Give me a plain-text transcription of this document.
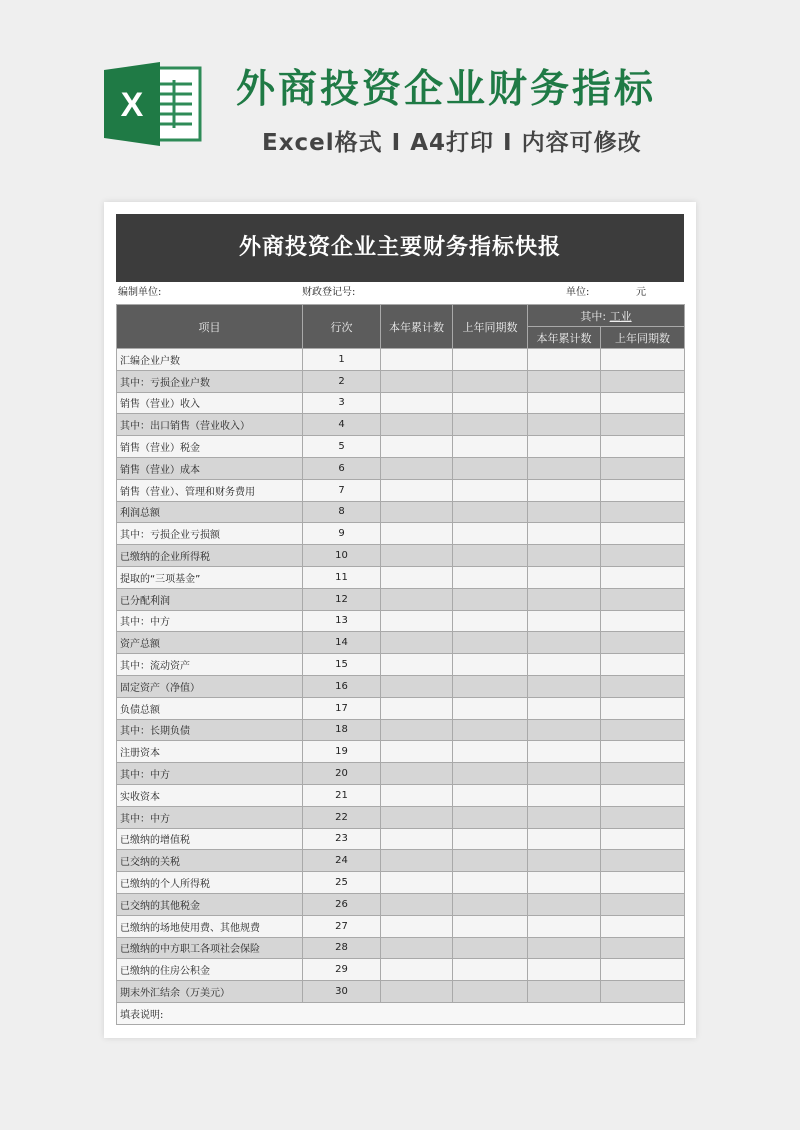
X 外商投资企业财务指标
Excel格式 I A4打印 I 内容可修改
外商投资企业主要财务指标快报
编制单位:	财政登记号:	单位:	元
项目	行次	本年累计数	上年同期数	其中: 工业	
				本年累计数	上年同期数
汇编企业户数	1				
其中：亏损企业户数	2				
销售（营业）收入	3				
其中：出口销售（营业收入）	4				
销售（营业）税金	5				
销售（营业）成本	6				
销售（营业）、管理和财务费用	7				
利润总额	8				
其中：亏损企业亏损额	9				
已缴纳的企业所得税	10				
提取的“三项基金”	11				
已分配利润	12				
其中：中方	13				
资产总额	14				
其中：流动资产	15				
固定资产（净值）	16				
负债总额	17				
其中：长期负债	18				
注册资本	19				
其中：中方	20				
实收资本	21				
其中：中方	22				
已缴纳的增值税	23				
已交纳的关税	24				
已缴纳的个人所得税	25				
已交纳的其他税金	26				
已缴纳的场地使用费、其他规费	27				
已缴纳的中方职工各项社会保险	28				
已缴纳的住房公积金	29				
期末外汇结余（万美元）	30				
填表说明:					
